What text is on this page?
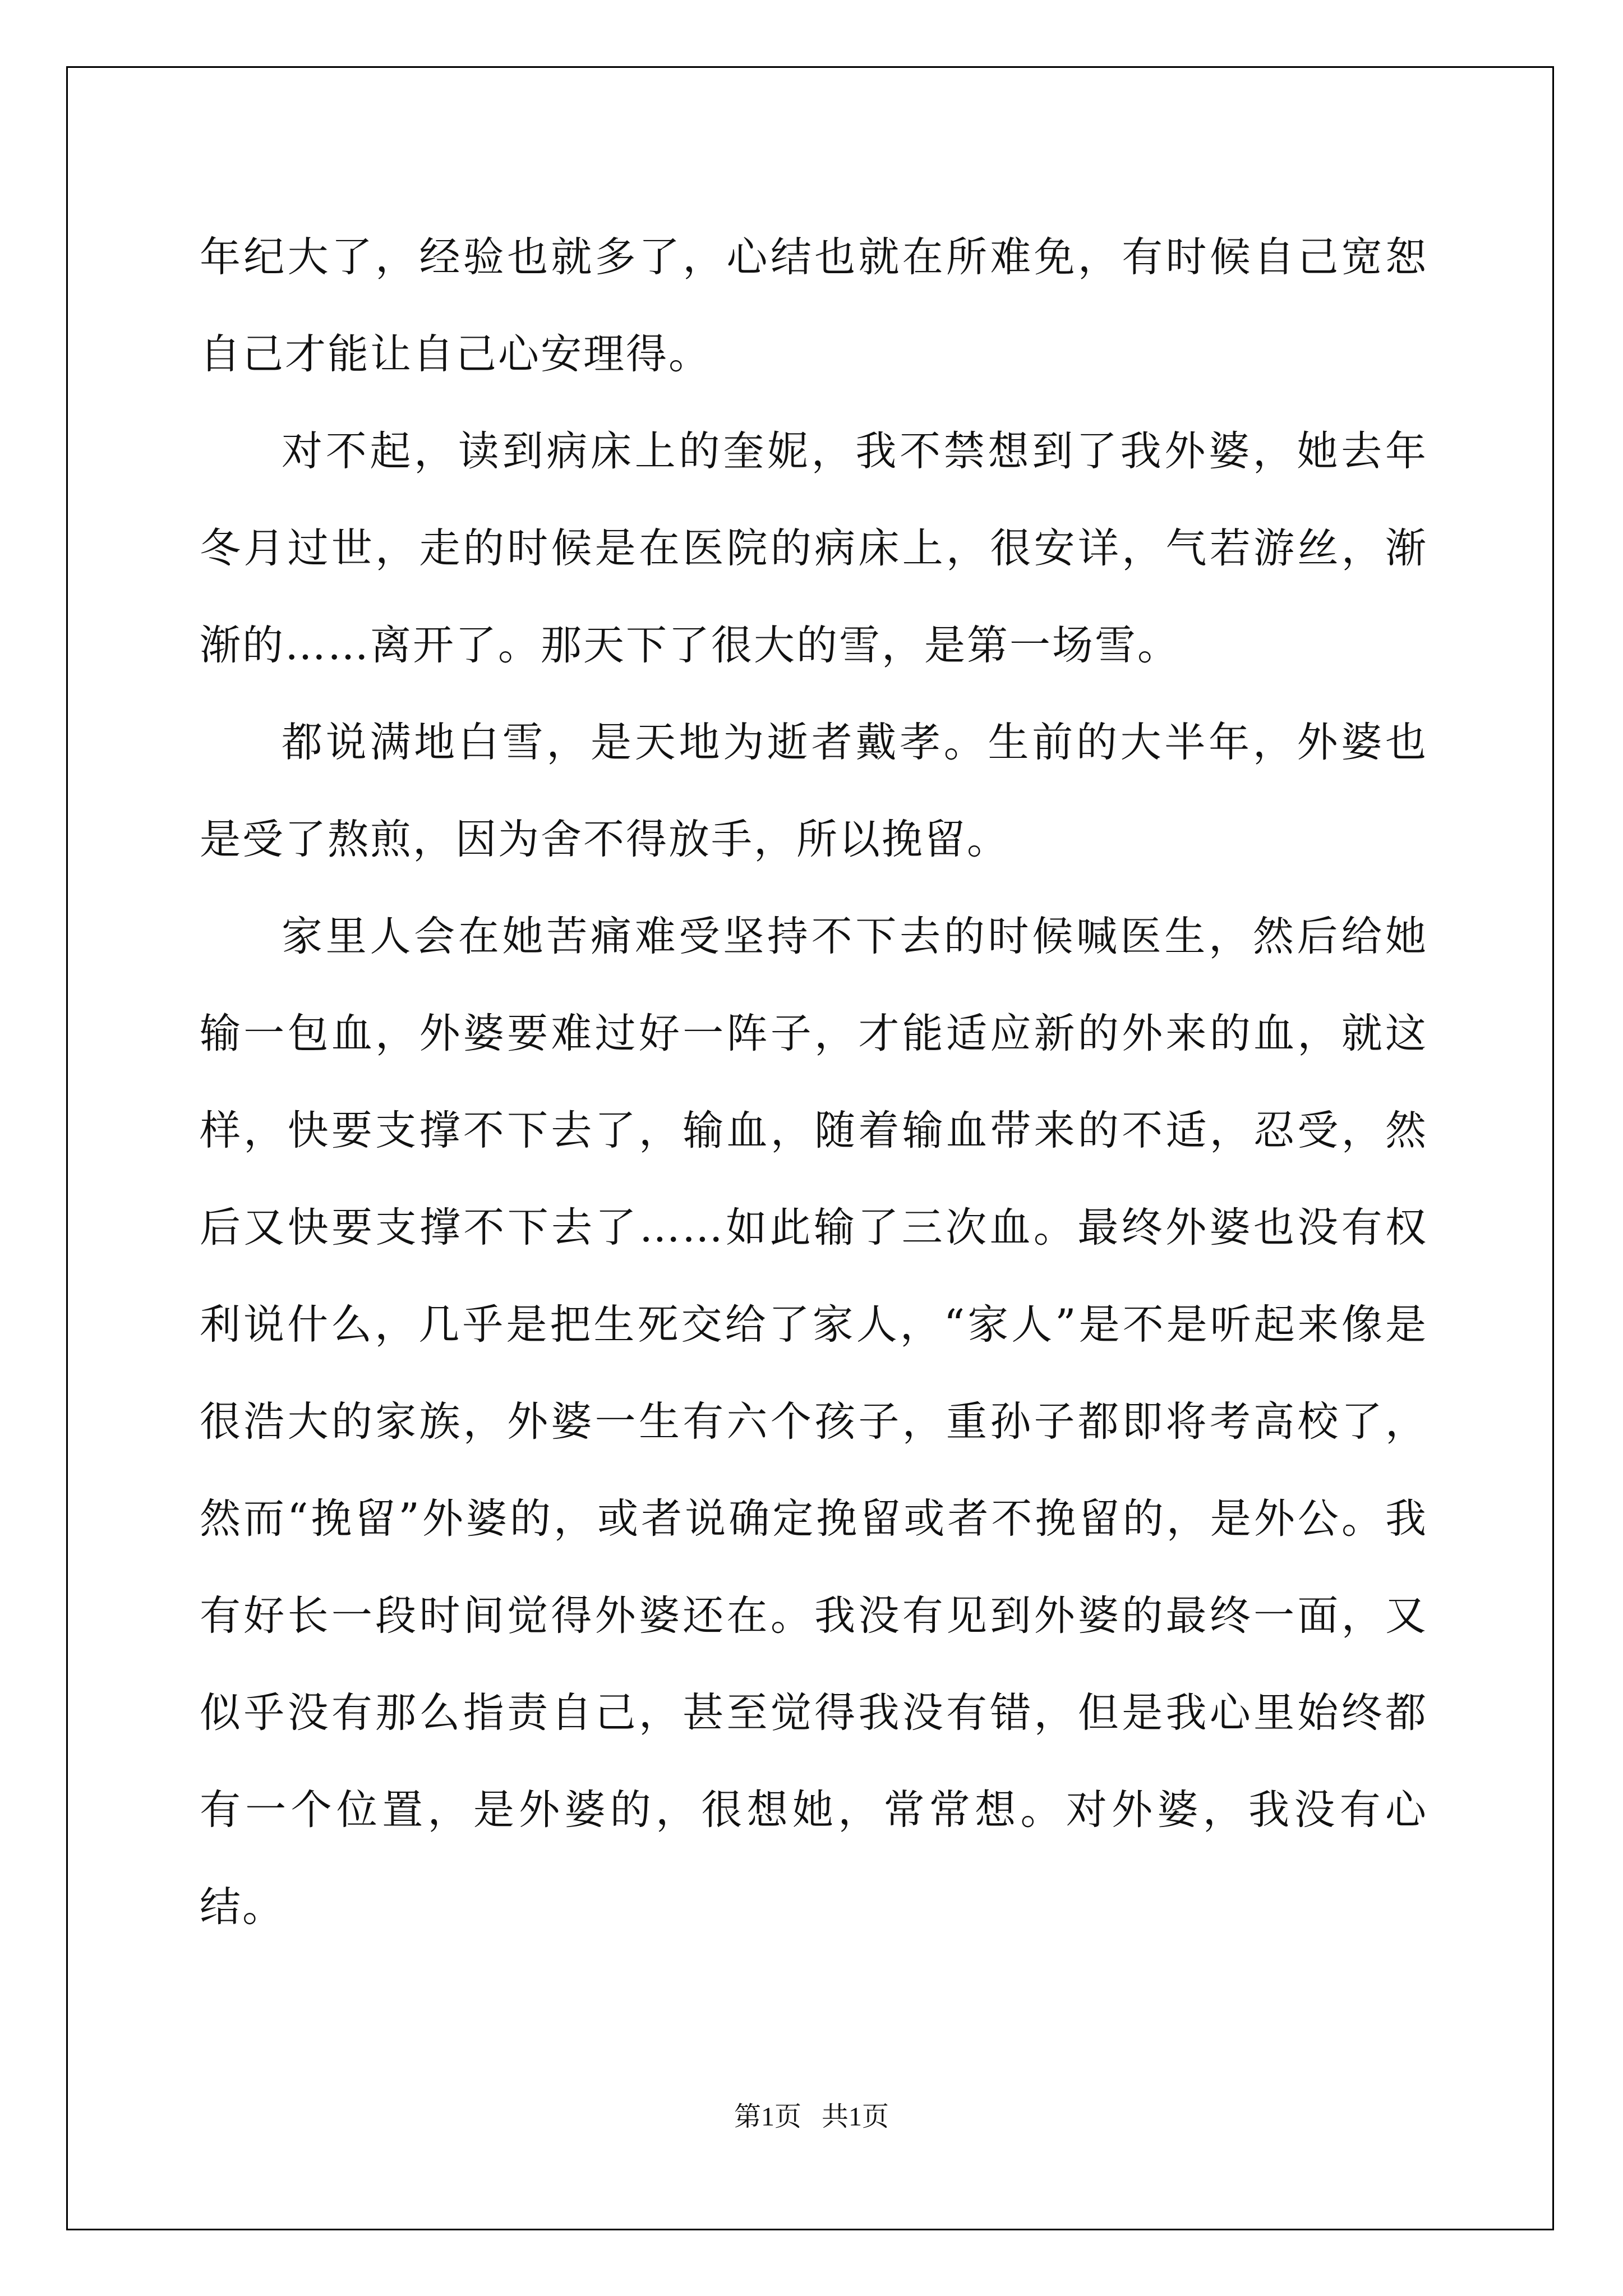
年纪大了，经验也就多了，心结也就在所难免，有时候自己宽恕自己才能让自己心安理得。

对不起，读到病床上的奎妮，我不禁想到了我外婆，她去年冬月过世，走的时候是在医院的病床上，很安详，气若游丝，渐渐的……离开了。那天下了很大的雪，是第一场雪。

都说满地白雪，是天地为逝者戴孝。生前的大半年，外婆也是受了熬煎，因为舍不得放手，所以挽留。

家里人会在她苦痛难受坚持不下去的时候喊医生，然后给她输一包血，外婆要难过好一阵子，才能适应新的外来的血，就这样，快要支撑不下去了，输血，随着输血带来的不适，忍受，然后又快要支撑不下去了……如此输了三次血。最终外婆也没有权利说什么，几乎是把生死交给了家人，“家人”是不是听起来像是很浩大的家族，外婆一生有六个孩子，重孙子都即将考高校了，然而“挽留”外婆的，或者说确定挽留或者不挽留的，是外公。我有好长一段时间觉得外婆还在。我没有见到外婆的最终一面，又似乎没有那么指责自己，甚至觉得我没有错，但是我心里始终都有一个位置，是外婆的，很想她，常常想。对外婆，我没有心结。

第1页   共1页
